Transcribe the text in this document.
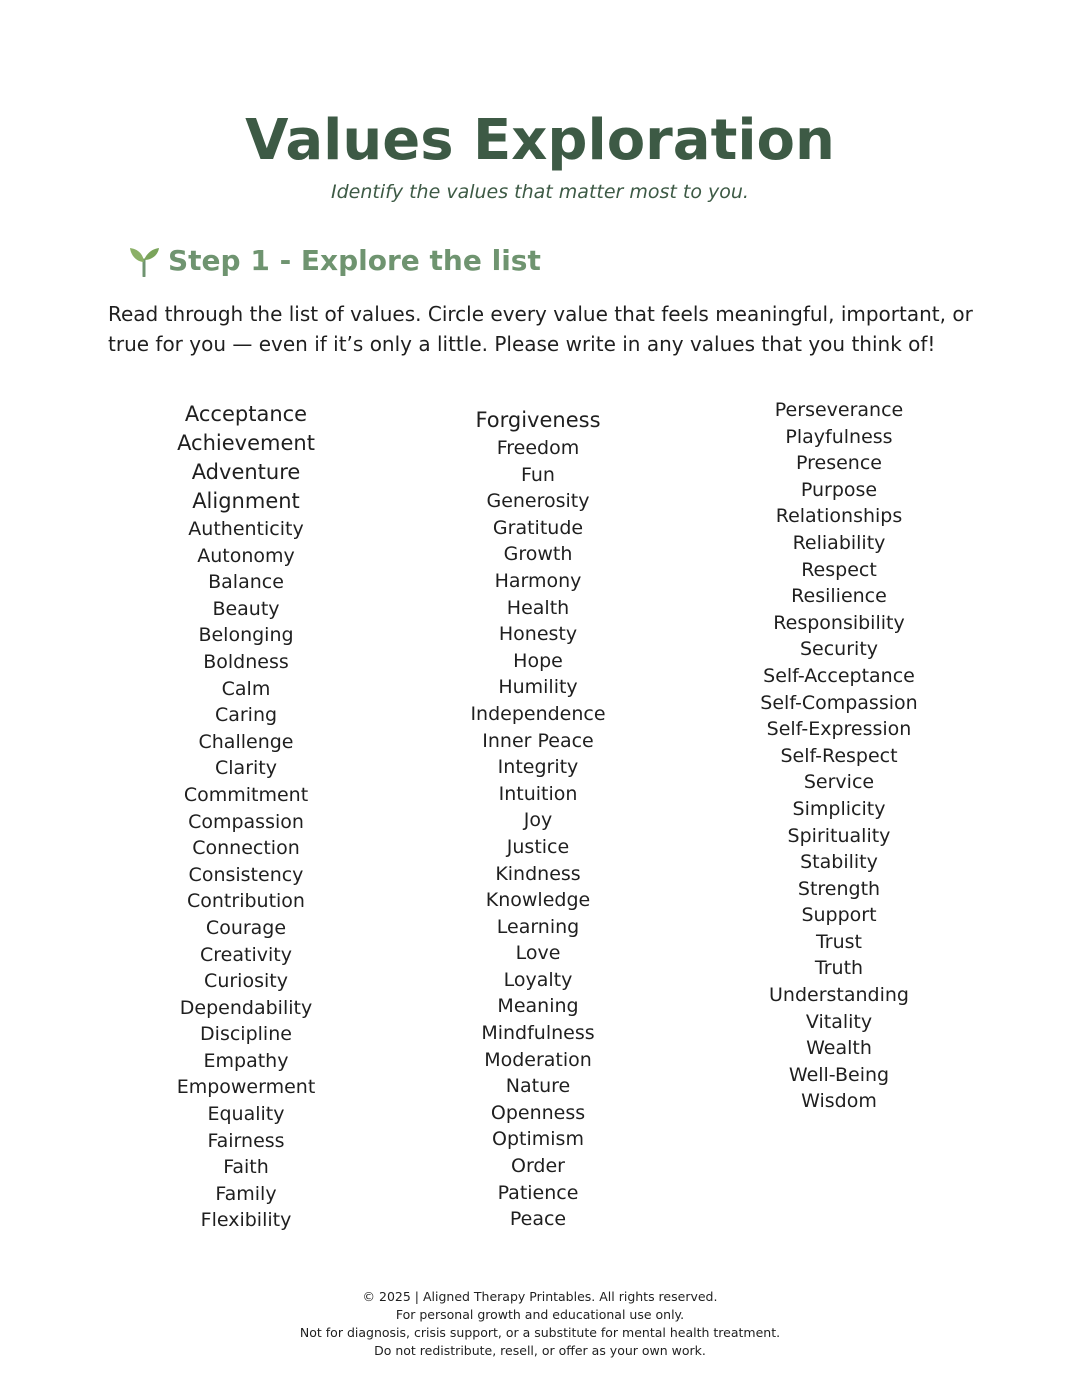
Values Exploration

Identify the values that matter most to you.

Step 1 - Explore the list

Read through the list of values. Circle every value that feels meaningful, important, or true for you — even if it’s only a little. Please write in any values that you think of!

Acceptance
Achievement
Adventure
Alignment
Authenticity
Autonomy
Balance
Beauty
Belonging
Boldness
Calm
Caring
Challenge
Clarity
Commitment
Compassion
Connection
Consistency
Contribution
Courage
Creativity
Curiosity
Dependability
Discipline
Empathy
Empowerment
Equality
Fairness
Faith
Family
Flexibility
Forgiveness
Freedom
Fun
Generosity
Gratitude
Growth
Harmony
Health
Honesty
Hope
Humility
Independence
Inner Peace
Integrity
Intuition
Joy
Justice
Kindness
Knowledge
Learning
Love
Loyalty
Meaning
Mindfulness
Moderation
Nature
Openness
Optimism
Order
Patience
Peace
Perseverance
Playfulness
Presence
Purpose
Relationships
Reliability
Respect
Resilience
Responsibility
Security
Self-Acceptance
Self-Compassion
Self-Expression
Self-Respect
Service
Simplicity
Spirituality
Stability
Strength
Support
Trust
Truth
Understanding
Vitality
Wealth
Well-Being
Wisdom
© 2025 | Aligned Therapy Printables. All rights reserved.
For personal growth and educational use only.
Not for diagnosis, crisis support, or a substitute for mental health treatment.
Do not redistribute, resell, or offer as your own work.
